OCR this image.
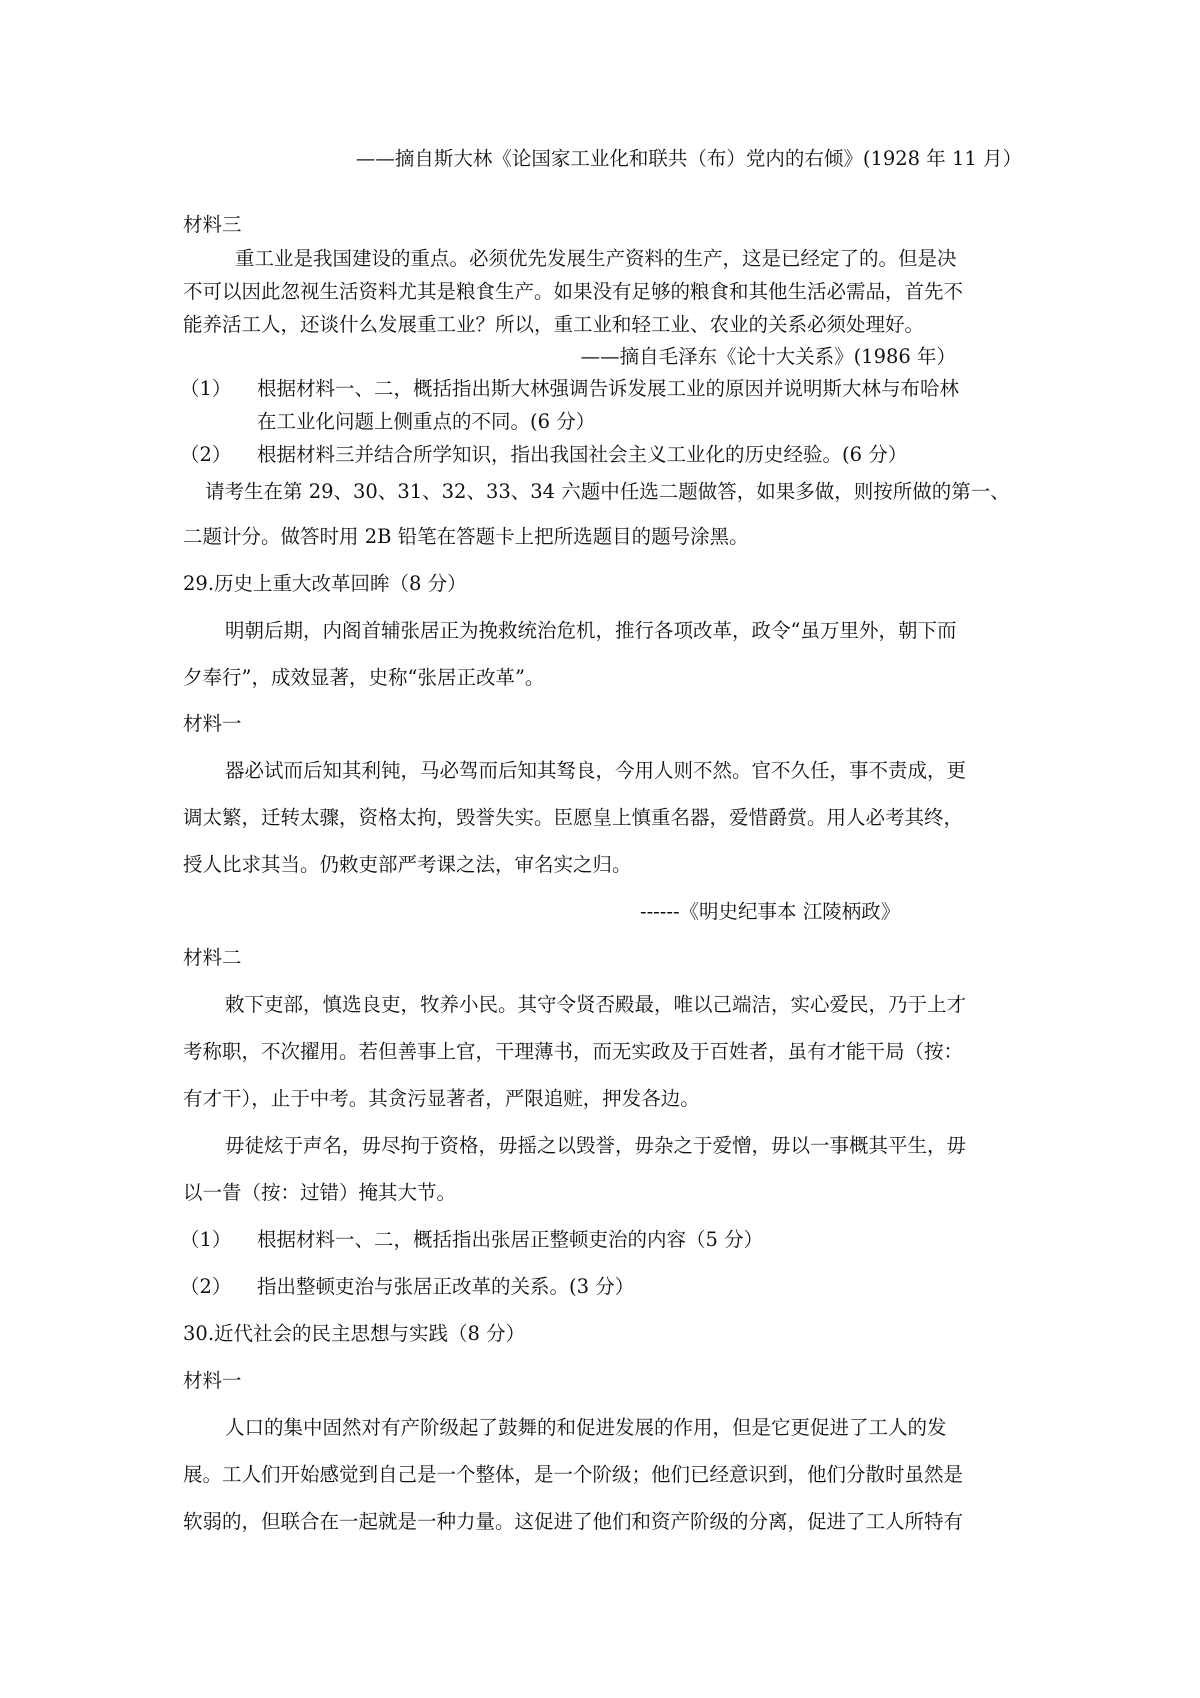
——摘自斯大林《论国家工业化和联共（布）党内的右倾》(1928 年 11 月）

材料三

重工业是我国建设的重点。必须优先发展生产资料的生产，这是已经定了的。但是决

不可以因此忽视生活资料尤其是粮食生产。如果没有足够的粮食和其他生活必需品，首先不

能养活工人，还谈什么发展重工业？所以，重工业和轻工业、农业的关系必须处理好。

——摘自毛泽东《论十大关系》(1986 年）

（1） 根据材料一、二，概括指出斯大林强调告诉发展工业的原因并说明斯大林与布哈林

在工业化问题上侧重点的不同。(6 分）

（2） 根据材料三并结合所学知识，指出我国社会主义工业化的历史经验。(6 分）

请考生在第 29、30、31、32、33、34 六题中任选二题做答，如果多做，则按所做的第一、

二题计分。做答时用 2B 铅笔在答题卡上把所选题目的题号涂黑。

29.历史上重大改革回眸（8 分）

明朝后期，内阁首辅张居正为挽救统治危机，推行各项改革，政令“虽万里外，朝下而

夕奉行”，成效显著，史称“张居正改革”。

材料一

器必试而后知其利钝，马必驾而后知其驽良，今用人则不然。官不久任，事不责成，更

调太繁，迁转太骤，资格太拘，毁誉失实。臣愿皇上慎重名器，爱惜爵赏。用人必考其终，

授人比求其当。仍敕吏部严考课之法，审名实之归。

------《明史纪事本 江陵柄政》

材料二

敕下吏部，慎选良吏，牧养小民。其守令贤否殿最，唯以己端洁，实心爱民，乃于上才

考称职，不次擢用。若但善事上官，干理薄书，而无实政及于百姓者，虽有才能干局（按：

有才干），止于中考。其贪污显著者，严限追赃，押发各边。

毋徒炫于声名，毋尽拘于资格，毋摇之以毁誉，毋杂之于爱憎，毋以一事概其平生，毋

以一眚（按：过错）掩其大节。

（1） 根据材料一、二，概括指出张居正整顿吏治的内容（5 分）

（2） 指出整顿吏治与张居正改革的关系。(3 分）

30.近代社会的民主思想与实践（8 分）

材料一

人口的集中固然对有产阶级起了鼓舞的和促进发展的作用，但是它更促进了工人的发

展。工人们开始感觉到自己是一个整体，是一个阶级；他们已经意识到，他们分散时虽然是

软弱的，但联合在一起就是一种力量。这促进了他们和资产阶级的分离，促进了工人所特有
